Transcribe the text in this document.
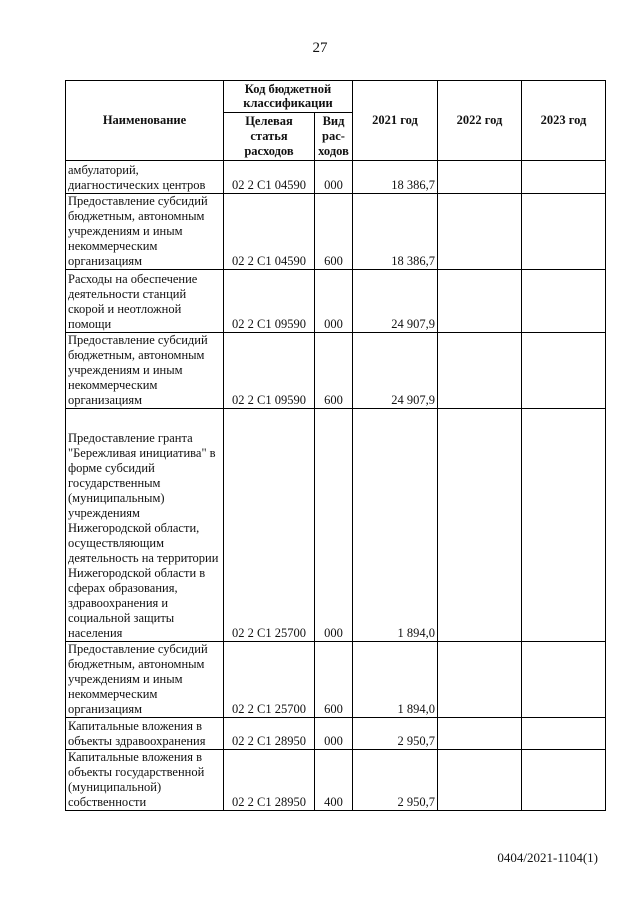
27
Наименование	Код бюджетной классификации		2021 год	2022 год	2023 год
	Целевая статья расходов	Вид рас-ходов			
амбулаторий, диагностических центров	02 2 С1 04590	000	18 386,7		
Предоставление субсидий бюджетным, автономным учреждениям и иным некоммерческим организациям	02 2 С1 04590	600	18 386,7		
Расходы на обеспечение деятельности станций скорой и неотложной помощи	02 2 С1 09590	000	24 907,9		
Предоставление субсидий бюджетным, автономным учреждениям и иным некоммерческим организациям	02 2 С1 09590	600	24 907,9		
Предоставление гранта "Бережливая инициатива" в форме субсидий государственным (муниципальным) учреждениям Нижегородской области, осуществляющим деятельность на территории Нижегородской области в сферах образования, здравоохранения и социальной защиты населения	02 2 С1 25700	000	1 894,0		
Предоставление субсидий бюджетным, автономным учреждениям и иным некоммерческим организациям	02 2 С1 25700	600	1 894,0		
Капитальные вложения в объекты здравоохранения	02 2 С1 28950	000	2 950,7		
Капитальные вложения в объекты государственной (муниципальной) собственности	02 2 С1 28950	400	2 950,7		
0404/2021-1104(1)
